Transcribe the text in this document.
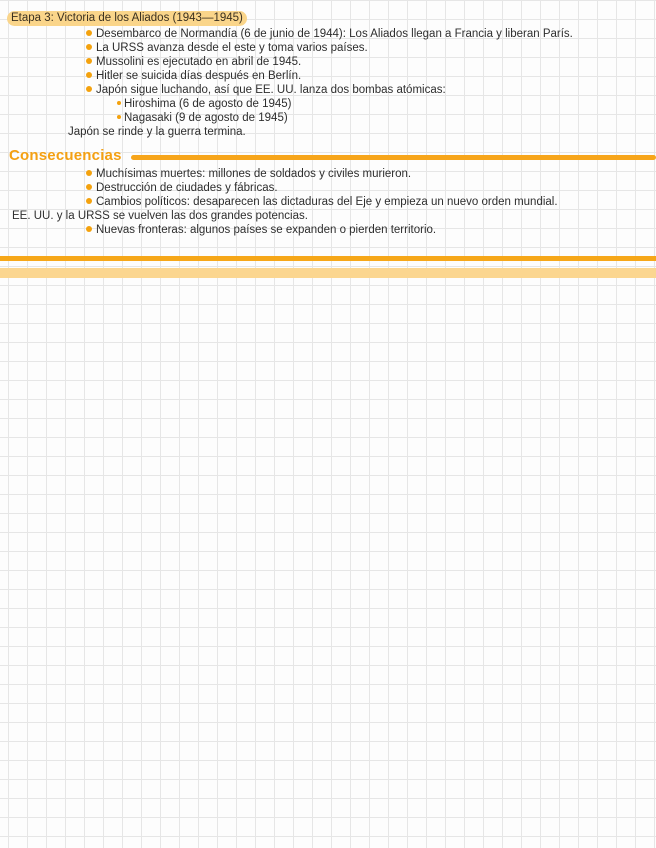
Etapa 3: Victoria de los Aliados (1943—1945)
Desembarco de Normandía (6 de junio de 1944): Los Aliados llegan a Francia y liberan París.
La URSS avanza desde el este y toma varios países.
Mussolini es ejecutado en abril de 1945.
Hitler se suicida días después en Berlín.
Japón sigue luchando, así que EE. UU. lanza dos bombas atómicas:
Hiroshima (6 de agosto de 1945)
Nagasaki (9 de agosto de 1945)
Japón se rinde y la guerra termina.
Consecuencias
Muchísimas muertes: millones de soldados y civiles murieron.
Destrucción de ciudades y fábricas.
Cambios políticos: desaparecen las dictaduras del Eje y empieza un nuevo orden mundial.
EE. UU. y la URSS se vuelven las dos grandes potencias.
Nuevas fronteras: algunos países se expanden o pierden territorio.
